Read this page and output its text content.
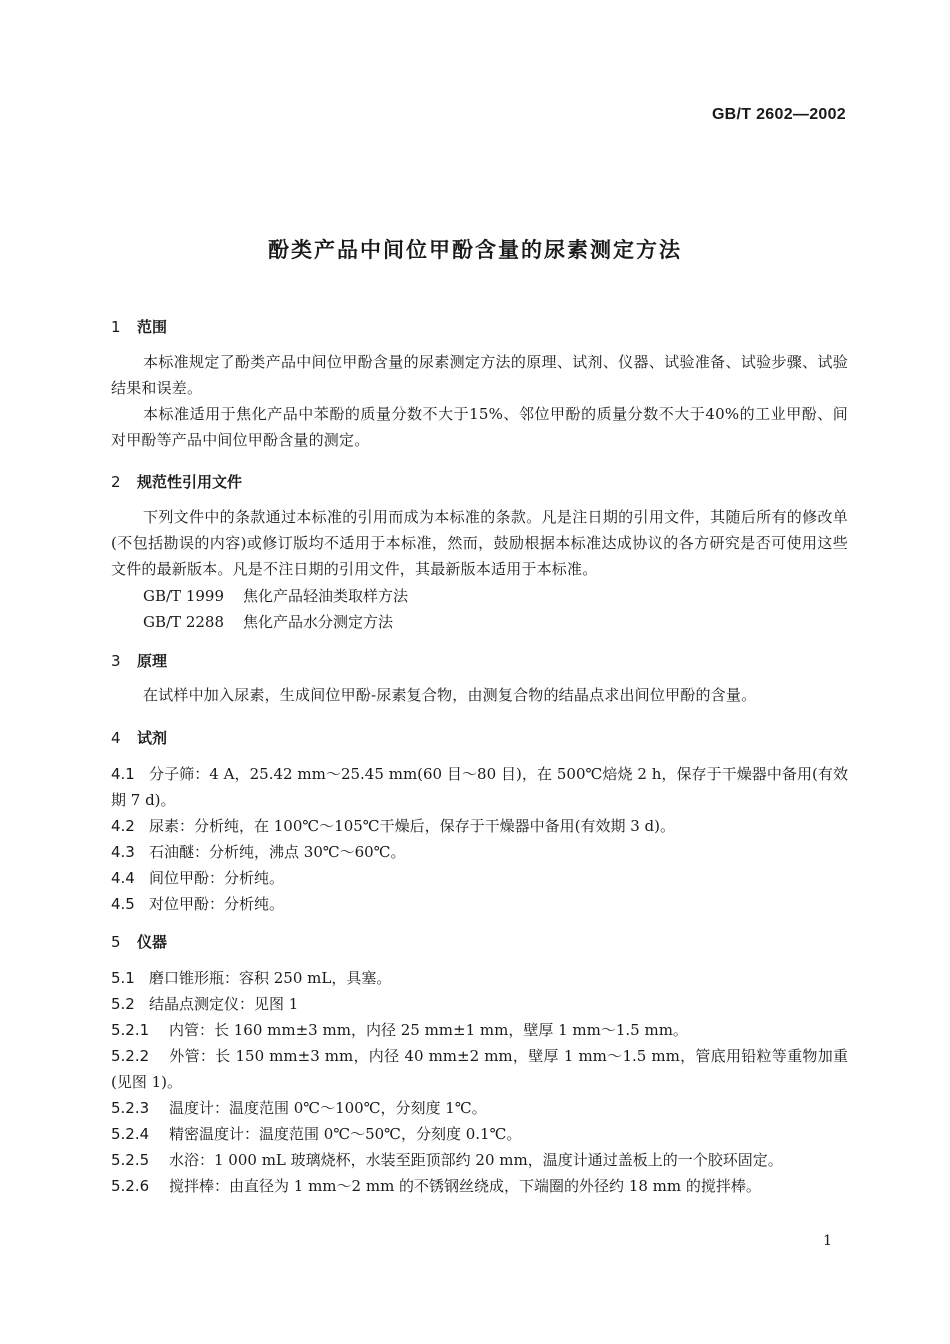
GB/T 2602—2002
酚类产品中间位甲酚含量的尿素测定方法
1 范围
本标准规定了酚类产品中间位甲酚含量的尿素测定方法的原理、试剂、仪器、试验准备、试验步骤、试验结果和误差。
本标准适用于焦化产品中苯酚的质量分数不大于15%、邻位甲酚的质量分数不大于40%的工业甲酚、间对甲酚等产品中间位甲酚含量的测定。
2 规范性引用文件
下列文件中的条款通过本标准的引用而成为本标准的条款。凡是注日期的引用文件，其随后所有的修改单(不包括勘误的内容)或修订版均不适用于本标准，然而，鼓励根据本标准达成协议的各方研究是否可使用这些文件的最新版本。凡是不注日期的引用文件，其最新版本适用于本标准。
GB/T 1999 焦化产品轻油类取样方法
GB/T 2288 焦化产品水分测定方法
3 原理
在试样中加入尿素，生成间位甲酚-尿素复合物，由测复合物的结晶点求出间位甲酚的含量。
4 试剂
4.1 分子筛：4 A，25.42 mm～25.45 mm(60 目～80 目)，在 500℃焙烧 2 h，保存于干燥器中备用(有效期 7 d)。
4.2 尿素：分析纯，在 100℃～105℃干燥后，保存于干燥器中备用(有效期 3 d)。
4.3 石油醚：分析纯，沸点 30℃～60℃。
4.4 间位甲酚：分析纯。
4.5 对位甲酚：分析纯。
5 仪器
5.1 磨口锥形瓶：容积 250 mL，具塞。
5.2 结晶点测定仪：见图 1
5.2.1 内管：长 160 mm±3 mm，内径 25 mm±1 mm，壁厚 1 mm～1.5 mm。
5.2.2 外管：长 150 mm±3 mm，内径 40 mm±2 mm，壁厚 1 mm～1.5 mm，管底用铅粒等重物加重(见图 1)。
5.2.3 温度计：温度范围 0℃～100℃，分刻度 1℃。
5.2.4 精密温度计：温度范围 0℃～50℃，分刻度 0.1℃。
5.2.5 水浴：1 000 mL 玻璃烧杯，水装至距顶部约 20 mm，温度计通过盖板上的一个胶环固定。
5.2.6 搅拌棒：由直径为 1 mm～2 mm 的不锈钢丝绕成，下端圈的外径约 18 mm 的搅拌棒。
1
